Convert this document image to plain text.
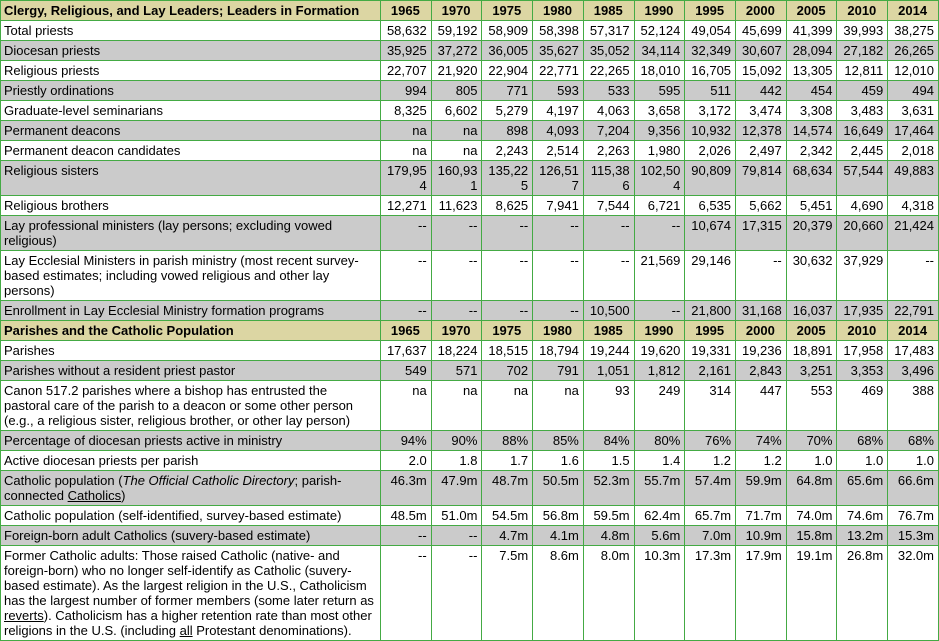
Clergy, Religious, and Lay Leaders; Leaders in Formation	1965	1970	1975	1980	1985	1990	1995	2000	2005	2010	2014
Total priests	58,632	59,192	58,909	58,398	57,317	52,124	49,054	45,699	41,399	39,993	38,275
Diocesan priests	35,925	37,272	36,005	35,627	35,052	34,114	32,349	30,607	28,094	27,182	26,265
Religious priests	22,707	21,920	22,904	22,771	22,265	18,010	16,705	15,092	13,305	12,811	12,010
Priestly ordinations	994	805	771	593	533	595	511	442	454	459	494
Graduate-level seminarians	8,325	6,602	5,279	4,197	4,063	3,658	3,172	3,474	3,308	3,483	3,631
Permanent deacons	na	na	898	4,093	7,204	9,356	10,932	12,378	14,574	16,649	17,464
Permanent deacon candidates	na	na	2,243	2,514	2,263	1,980	2,026	2,497	2,342	2,445	2,018
Religious sisters	179,954	160,931	135,225	126,517	115,386	102,504	90,809	79,814	68,634	57,544	49,883
Religious brothers	12,271	11,623	8,625	7,941	7,544	6,721	6,535	5,662	5,451	4,690	4,318
Lay professional ministers (lay persons; excluding vowed religious)	--	--	--	--	--	--	10,674	17,315	20,379	20,660	21,424
Lay Ecclesial Ministers in parish ministry (most recent survey-based estimates; including vowed religious and other lay persons)	--	--	--	--	--	21,569	29,146	--	30,632	37,929	--
Enrollment in Lay Ecclesial Ministry formation programs	--	--	--	--	10,500	--	21,800	31,168	16,037	17,935	22,791
Parishes and the Catholic Population	1965	1970	1975	1980	1985	1990	1995	2000	2005	2010	2014
Parishes	17,637	18,224	18,515	18,794	19,244	19,620	19,331	19,236	18,891	17,958	17,483
Parishes without a resident priest pastor	549	571	702	791	1,051	1,812	2,161	2,843	3,251	3,353	3,496
Canon 517.2 parishes where a bishop has entrusted the pastoral care of the parish to a deacon or some other person (e.g., a religious sister, religious brother, or other lay person)	na	na	na	na	93	249	314	447	553	469	388
Percentage of diocesan priests active in ministry	94%	90%	88%	85%	84%	80%	76%	74%	70%	68%	68%
Active diocesan priests per parish	2.0	1.8	1.7	1.6	1.5	1.4	1.2	1.2	1.0	1.0	1.0
Catholic population (The Official Catholic Directory; parish-connected Catholics)	46.3m	47.9m	48.7m	50.5m	52.3m	55.7m	57.4m	59.9m	64.8m	65.6m	66.6m
Catholic population (self-identified, survey-based estimate)	48.5m	51.0m	54.5m	56.8m	59.5m	62.4m	65.7m	71.7m	74.0m	74.6m	76.7m
Foreign-born adult Catholics (suvery-based estimate)	--	--	4.7m	4.1m	4.8m	5.6m	7.0m	10.9m	15.8m	13.2m	15.3m
Former Catholic adults: Those raised Catholic (native- and foreign-born) who no longer self-identify as Catholic (suvery-based estimate). As the largest religion in the U.S., Catholicism has the largest number of former members (some later return as reverts). Catholicism has a higher retention rate than most other religions in the U.S. (including all Protestant denominations).	--	--	7.5m	8.6m	8.0m	10.3m	17.3m	17.9m	19.1m	26.8m	32.0m
